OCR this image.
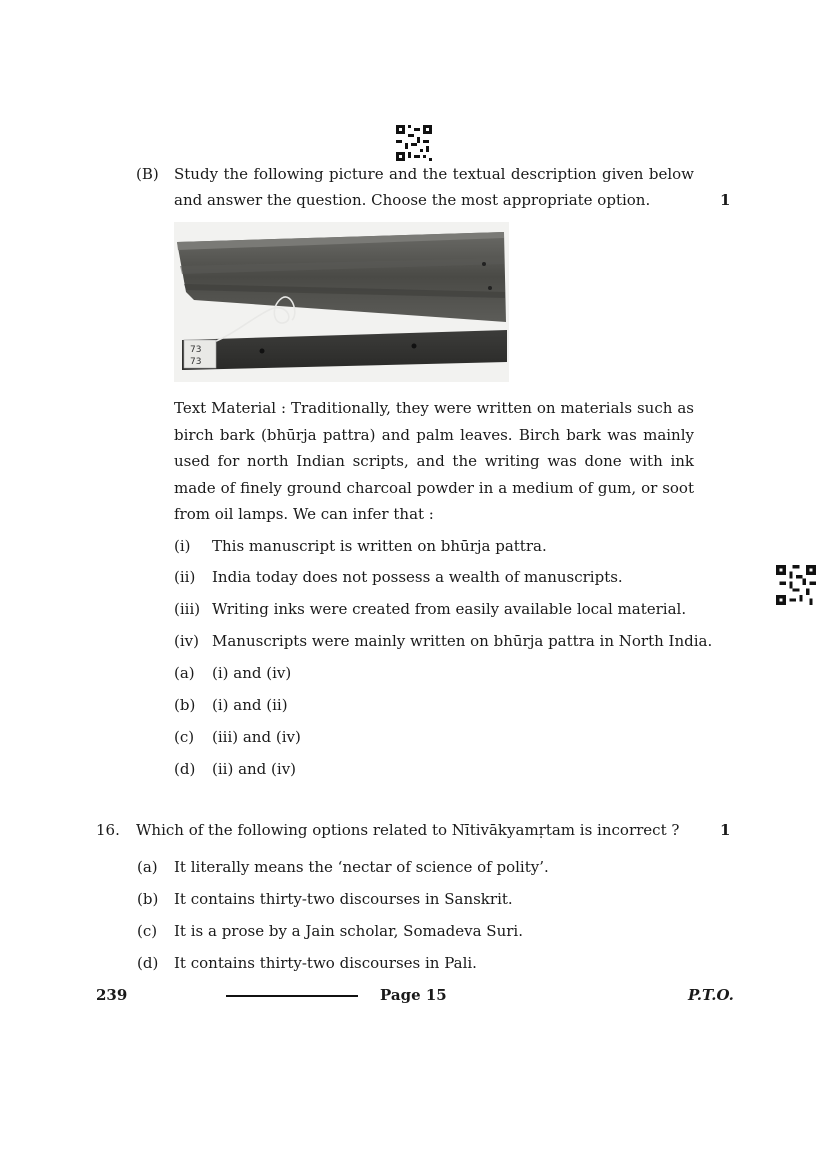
(B) Study the following picture and the textual description given below
and answer the question. Choose the most appropriate option.	1
73
73
Text Material : Traditionally, they were written on materials such as
birch bark (bhūrja pattra) and palm leaves. Birch bark was mainly
used for north Indian scripts, and the writing was done with ink
made of finely ground charcoal powder in a medium of gum, or soot
from oil lamps. We can infer that :
(i) This manuscript is written on bhūrja pattra.
(ii) India today does not possess a wealth of manuscripts.
(iii) Writing inks were created from easily available local material.
(iv) Manuscripts were mainly written on bhūrja pattra in North India.
(a) (i) and (iv)
(b) (i) and (ii)
(c) (iii) and (iv)
(d) (ii) and (iv)
16. Which of the following options related to Nītivākyamṛtam is incorrect ?	1
(a) It literally means the ‘nectar of science of polity’.
(b) It contains thirty-two discourses in Sanskrit.
(c) It is a prose by a Jain scholar, Somadeva Suri.
(d) It contains thirty-two discourses in Pali.
239	Page 15	P.T.O.
